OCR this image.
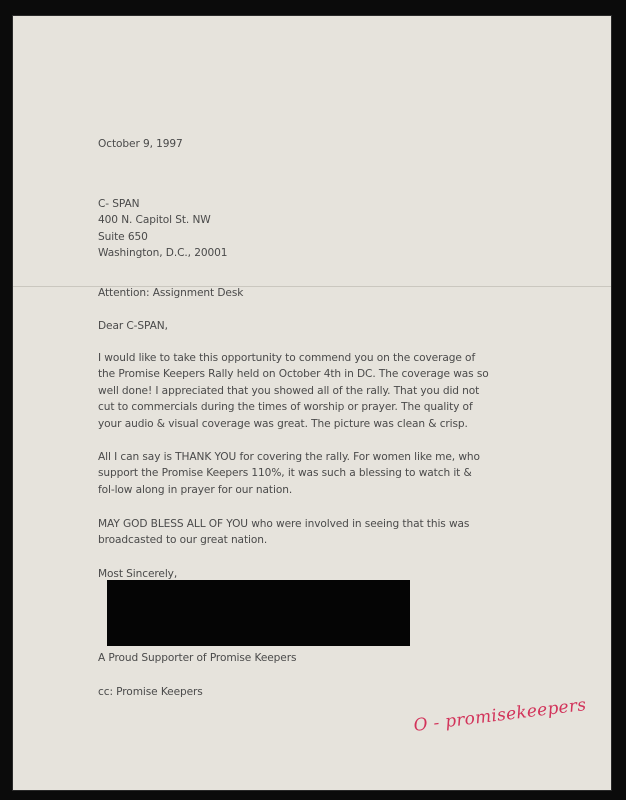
October 9, 1997
C- SPAN
400 N. Capitol St. NW
Suite 650
Washington, D.C., 20001
Attention: Assignment Desk
Dear C-SPAN,
I would like to take this opportunity to commend you on the coverage of the Promise Keepers Rally held on October 4th in DC. The coverage was so well done! I appreciated that you showed all of the rally. That you did not cut to commercials during the times of worship or prayer. The quality of your audio & visual coverage was great. The picture was clean & crisp.
All I can say is THANK YOU for covering the rally. For women like me, who support the Promise Keepers 110%, it was such a blessing to watch it & fol-low along in prayer for our nation.
MAY GOD BLESS ALL OF YOU who were involved in seeing that this was broadcasted to our great nation.
Most Sincerely,
A Proud Supporter of Promise Keepers
cc: Promise Keepers
O - promisekeepers
